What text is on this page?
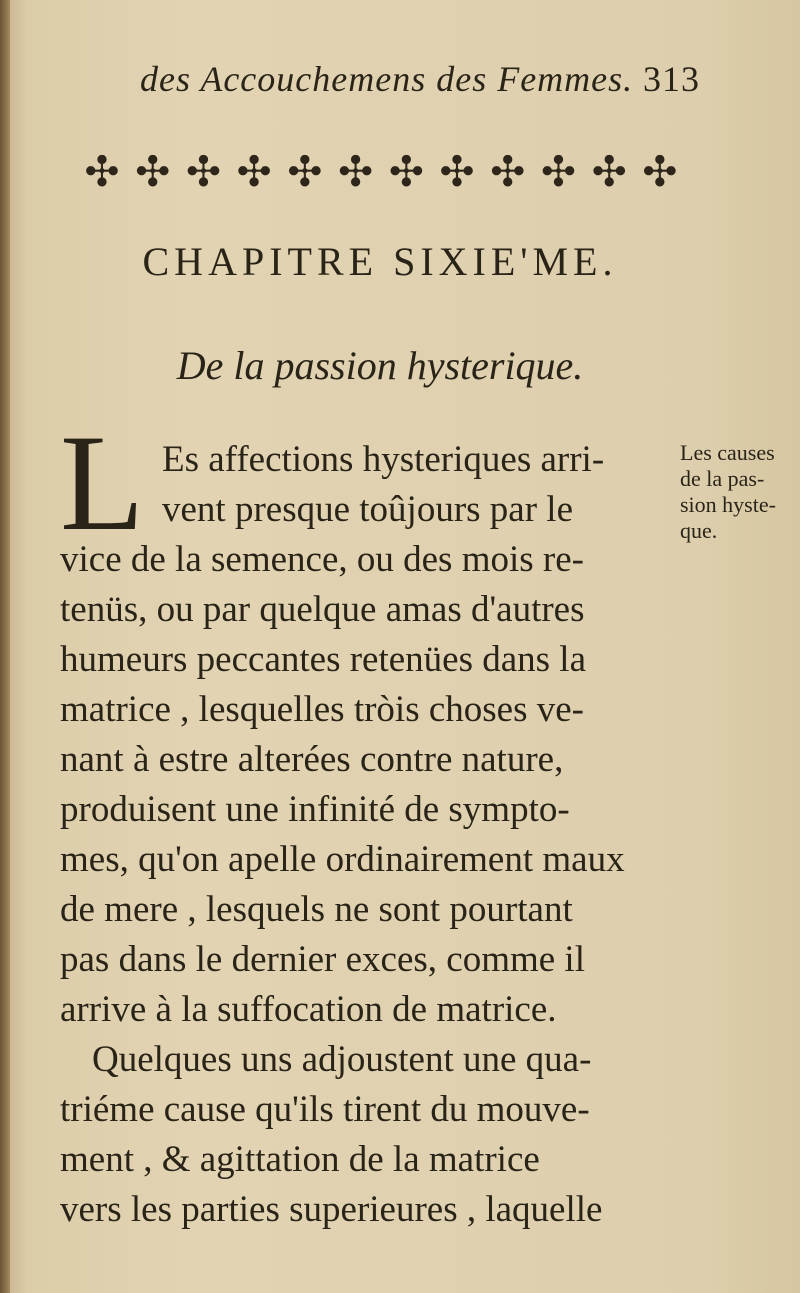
des Accouchemens des Femmes. 313
✣ ✣ ✣ ✣ ✣ ✣ ✣ ✣ ✣ ✣ ✣ ✣
CHAPITRE SIXIE'ME.
De la passion hysterique.
L Es affections hysteriques arri-
vent presque toûjours par le
vice de la semence, ou des mois re-
tenüs, ou par quelque amas d'autres
humeurs peccantes retenües dans la
matrice , lesquelles tròis choses ve-
nant à estre alterées contre nature,
produisent une infinité de sympto-
mes, qu'on apelle ordinairement maux
de mere , lesquels ne sont pourtant
pas dans le dernier exces, comme il
arrive à la suffocation de matrice.
Quelques uns adjoustent une qua-
triéme cause qu'ils tirent du mouve-
ment , & agittation de la matrice
vers les parties superieures , laquelle
Les causes
de la pas-
sion hyste-
que.
